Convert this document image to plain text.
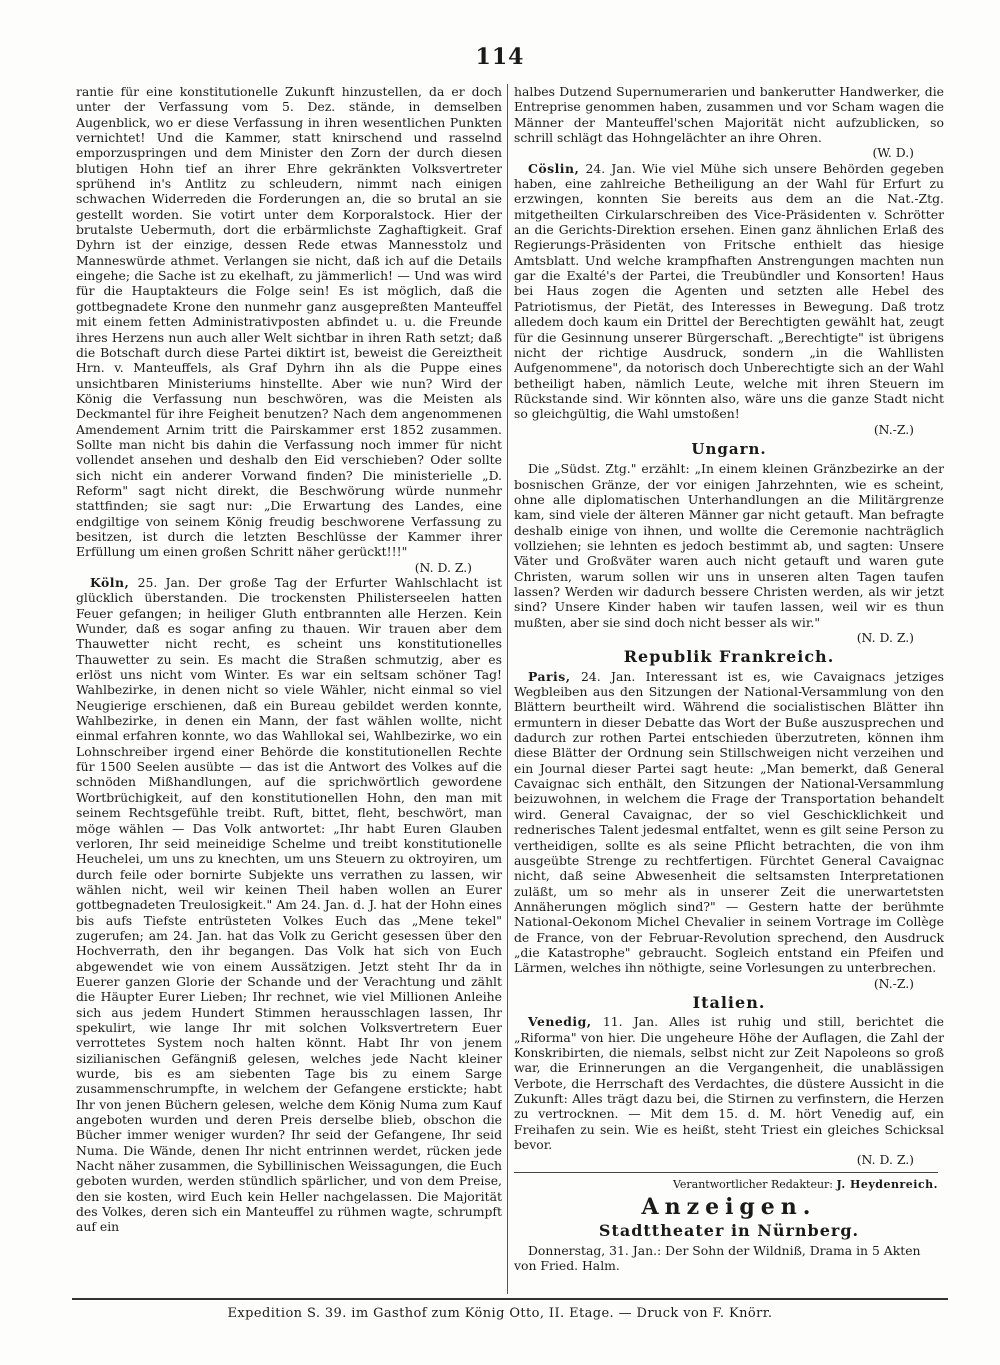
114

rantie für eine konstitutionelle Zukunft hinzustellen, da er doch unter der Verfassung vom 5. Dez. stände, in demselben Augenblick, wo er diese Verfassung in ihren wesentlichen Punkten vernichtet! Und die Kammer, statt knirschend und rasselnd emporzuspringen und dem Minister den Zorn der durch diesen blutigen Hohn tief an ihrer Ehre gekränkten Volksvertreter sprühend in's Antlitz zu schleudern, nimmt nach einigen schwachen Widerreden die Forderungen an, die so brutal an sie gestellt worden. Sie votirt unter dem Korporalstock. Hier der brutalste Uebermuth, dort die erbärmlichste Zaghaftigkeit. Graf Dyhrn ist der einzige, dessen Rede etwas Mannesstolz und Manneswürde athmet. Verlangen sie nicht, daß ich auf die Details eingehe; die Sache ist zu ekelhaft, zu jämmerlich! — Und was wird für die Hauptakteurs die Folge sein! Es ist möglich, daß die gottbegnadete Krone den nunmehr ganz ausgepreßten Manteuffel mit einem fetten Administrativposten abfindet u. u. die Freunde ihres Herzens nun auch aller Welt sichtbar in ihren Rath setzt; daß die Botschaft durch diese Partei diktirt ist, beweist die Gereiztheit Hrn. v. Manteuffels, als Graf Dyhrn ihn als die Puppe eines unsichtbaren Ministeriums hinstellte. Aber wie nun? Wird der König die Verfassung nun beschwören, was die Meisten als Deckmantel für ihre Feigheit benutzen? Nach dem angenommenen Amendement Arnim tritt die Pairskammer erst 1852 zusammen. Sollte man nicht bis dahin die Verfassung noch immer für nicht vollendet ansehen und deshalb den Eid verschieben? Oder sollte sich nicht ein anderer Vorwand finden? Die ministerielle „D. Reform" sagt nicht direkt, die Beschwörung würde nunmehr stattfinden; sie sagt nur: „Die Erwartung des Landes, eine endgiltige von seinem König freudig beschworene Verfassung zu besitzen, ist durch die letzten Beschlüsse der Kammer ihrer Erfüllung um einen großen Schritt näher gerückt!!!"

(N. D. Z.)

Köln, 25. Jan. Der große Tag der Erfurter Wahlschlacht ist glücklich überstanden. Die trockensten Philisterseelen hatten Feuer gefangen; in heiliger Gluth entbrannten alle Herzen. Kein Wunder, daß es sogar anfing zu thauen. Wir trauen aber dem Thauwetter nicht recht, es scheint uns konstitutionelles Thauwetter zu sein. Es macht die Straßen schmutzig, aber es erlöst uns nicht vom Winter. Es war ein seltsam schöner Tag! Wahlbezirke, in denen nicht so viele Wähler, nicht einmal so viel Neugierige erschienen, daß ein Bureau gebildet werden konnte, Wahlbezirke, in denen ein Mann, der fast wählen wollte, nicht einmal erfahren konnte, wo das Wahllokal sei, Wahlbezirke, wo ein Lohnschreiber irgend einer Behörde die konstitutionellen Rechte für 1500 Seelen ausübte — das ist die Antwort des Volkes auf die schnöden Mißhandlungen, auf die sprichwörtlich gewordene Wortbrüchigkeit, auf den konstitutionellen Hohn, den man mit seinem Rechtsgefühle treibt. Ruft, bittet, fleht, beschwört, man möge wählen — Das Volk antwortet: „Ihr habt Euren Glauben verloren, Ihr seid meineidige Schelme und treibt konstitutionelle Heuchelei, um uns zu knechten, um uns Steuern zu oktroyiren, um durch feile oder bornirte Subjekte uns verrathen zu lassen, wir wählen nicht, weil wir keinen Theil haben wollen an Eurer gottbegnadeten Treulosigkeit." Am 24. Jan. d. J. hat der Hohn eines bis aufs Tiefste entrüsteten Volkes Euch das „Mene tekel" zugerufen; am 24. Jan. hat das Volk zu Gericht gesessen über den Hochverrath, den ihr begangen. Das Volk hat sich von Euch abgewendet wie von einem Aussätzigen. Jetzt steht Ihr da in Euerer ganzen Glorie der Schande und der Verachtung und zählt die Häupter Eurer Lieben; Ihr rechnet, wie viel Millionen Anleihe sich aus jedem Hundert Stimmen herausschlagen lassen, Ihr spekulirt, wie lange Ihr mit solchen Volksvertretern Euer verrottetes System noch halten könnt. Habt Ihr von jenem sizilianischen Gefängniß gelesen, welches jede Nacht kleiner wurde, bis es am siebenten Tage bis zu einem Sarge zusammenschrumpfte, in welchem der Gefangene erstickte; habt Ihr von jenen Büchern gelesen, welche dem König Numa zum Kauf angeboten wurden und deren Preis derselbe blieb, obschon die Bücher immer weniger wurden? Ihr seid der Gefangene, Ihr seid Numa. Die Wände, denen Ihr nicht entrinnen werdet, rücken jede Nacht näher zusammen, die Sybillinischen Weissagungen, die Euch geboten wurden, werden stündlich spärlicher, und von dem Preise, den sie kosten, wird Euch kein Heller nachgelassen. Die Majorität des Volkes, deren sich ein Manteuffel zu rühmen wagte, schrumpft auf ein

halbes Dutzend Supernumerarien und bankerutter Handwerker, die Entreprise genommen haben, zusammen und vor Scham wagen die Männer der Manteuffel'schen Majorität nicht aufzublicken, so schrill schlägt das Hohngelächter an ihre Ohren.

(W. D.)

Cöslin, 24. Jan. Wie viel Mühe sich unsere Behörden gegeben haben, eine zahlreiche Betheiligung an der Wahl für Erfurt zu erzwingen, konnten Sie bereits aus dem an die Nat.-Ztg. mitgetheilten Cirkularschreiben des Vice-Präsidenten v. Schrötter an die Gerichts-Direktion ersehen. Einen ganz ähnlichen Erlaß des Regierungs-Präsidenten von Fritsche enthielt das hiesige Amtsblatt. Und welche krampfhaften Anstrengungen machten nun gar die Exalté's der Partei, die Treubündler und Konsorten! Haus bei Haus zogen die Agenten und setzten alle Hebel des Patriotismus, der Pietät, des Interesses in Bewegung. Daß trotz alledem doch kaum ein Drittel der Berechtigten gewählt hat, zeugt für die Gesinnung unserer Bürgerschaft. „Berechtigte" ist übrigens nicht der richtige Ausdruck, sondern „in die Wahllisten Aufgenommene", da notorisch doch Unberechtigte sich an der Wahl betheiligt haben, nämlich Leute, welche mit ihren Steuern im Rückstande sind. Wir könnten also, wäre uns die ganze Stadt nicht so gleichgültig, die Wahl umstoßen!

(N.-Z.)
Ungarn.

Die „Südst. Ztg." erzählt: „In einem kleinen Gränzbezirke an der bosnischen Gränze, der vor einigen Jahrzehnten, wie es scheint, ohne alle diplomatischen Unterhandlungen an die Militärgrenze kam, sind viele der älteren Männer gar nicht getauft. Man befragte deshalb einige von ihnen, und wollte die Ceremonie nachträglich vollziehen; sie lehnten es jedoch bestimmt ab, und sagten: Unsere Väter und Großväter waren auch nicht getauft und waren gute Christen, warum sollen wir uns in unseren alten Tagen taufen lassen? Werden wir dadurch bessere Christen werden, als wir jetzt sind? Unsere Kinder haben wir taufen lassen, weil wir es thun mußten, aber sie sind doch nicht besser als wir."

(N. D. Z.)
Republik Frankreich.

Paris, 24. Jan. Interessant ist es, wie Cavaignacs jetziges Wegbleiben aus den Sitzungen der National-Versammlung von den Blättern beurtheilt wird. Während die socialistischen Blätter ihn ermuntern in dieser Debatte das Wort der Buße auszusprechen und dadurch zur rothen Partei entschieden überzutreten, können ihm diese Blätter der Ordnung sein Stillschweigen nicht verzeihen und ein Journal dieser Partei sagt heute: „Man bemerkt, daß General Cavaignac sich enthält, den Sitzungen der National-Versammlung beizuwohnen, in welchem die Frage der Transportation behandelt wird. General Cavaignac, der so viel Geschicklichkeit und rednerisches Talent jedesmal entfaltet, wenn es gilt seine Person zu vertheidigen, sollte es als seine Pflicht betrachten, die von ihm ausgeübte Strenge zu rechtfertigen. Fürchtet General Cavaignac nicht, daß seine Abwesenheit die seltsamsten Interpretationen zuläßt, um so mehr als in unserer Zeit die unerwartetsten Annäherungen möglich sind?" — Gestern hatte der berühmte National-Oekonom Michel Chevalier in seinem Vortrage im Collège de France, von der Februar-Revolution sprechend, den Ausdruck „die Katastrophe" gebraucht. Sogleich entstand ein Pfeifen und Lärmen, welches ihn nöthigte, seine Vorlesungen zu unterbrechen.

(N.-Z.)
Italien.

Venedig, 11. Jan. Alles ist ruhig und still, berichtet die „Riforma" von hier. Die ungeheure Höhe der Auflagen, die Zahl der Konskribirten, die niemals, selbst nicht zur Zeit Napoleons so groß war, die Erinnerungen an die Vergangenheit, die unablässigen Verbote, die Herrschaft des Verdachtes, die düstere Aussicht in die Zukunft: Alles trägt dazu bei, die Stirnen zu verfinstern, die Herzen zu vertrocknen. — Mit dem 15. d. M. hört Venedig auf, ein Freihafen zu sein. Wie es heißt, steht Triest ein gleiches Schicksal bevor.

(N. D. Z.)
Verantwortlicher Redakteur: J. Heydenreich.
Anzeigen.
Stadttheater in Nürnberg.

Donnerstag, 31. Jan.: Der Sohn der Wildniß, Drama in 5 Akten von Fried. Halm.

Expedition S. 39. im Gasthof zum König Otto, II. Etage. — Druck von F. Knörr.
